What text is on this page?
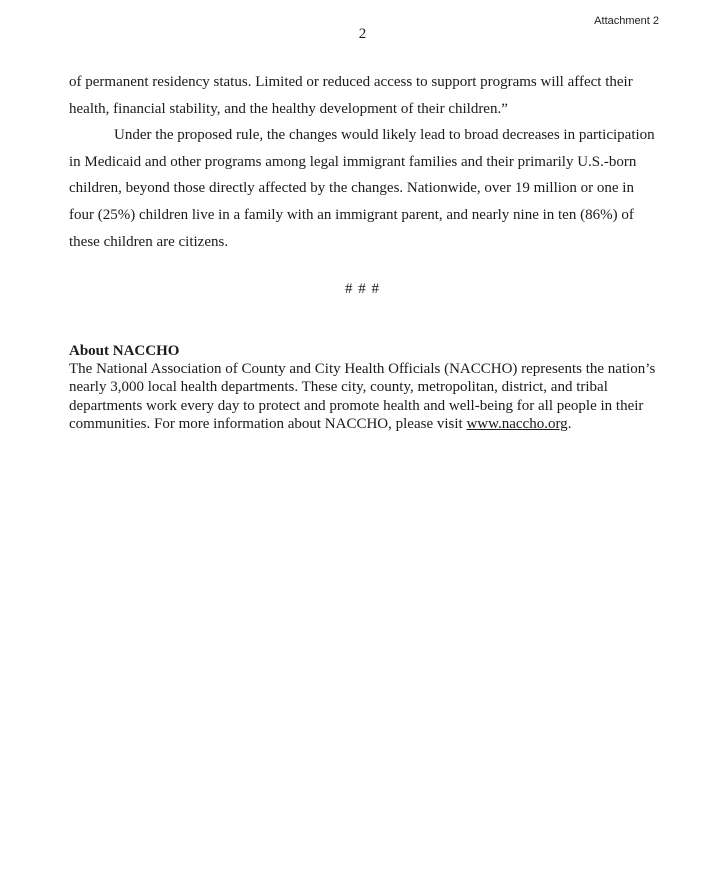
Attachment 2
2

of permanent residency status. Limited or reduced access to support programs will affect their health, financial stability, and the healthy development of their children.”

Under the proposed rule, the changes would likely lead to broad decreases in participation in Medicaid and other programs among legal immigrant families and their primarily U.S.-born children, beyond those directly affected by the changes. Nationwide, over 19 million or one in four (25%) children live in a family with an immigrant parent, and nearly nine in ten (86%) of these children are citizens.

# # #
About NACCHO

The National Association of County and City Health Officials (NACCHO) represents the nation’s nearly 3,000 local health departments. These city, county, metropolitan, district, and tribal departments work every day to protect and promote health and well-being for all people in their communities. For more information about NACCHO, please visit www.naccho.org.
